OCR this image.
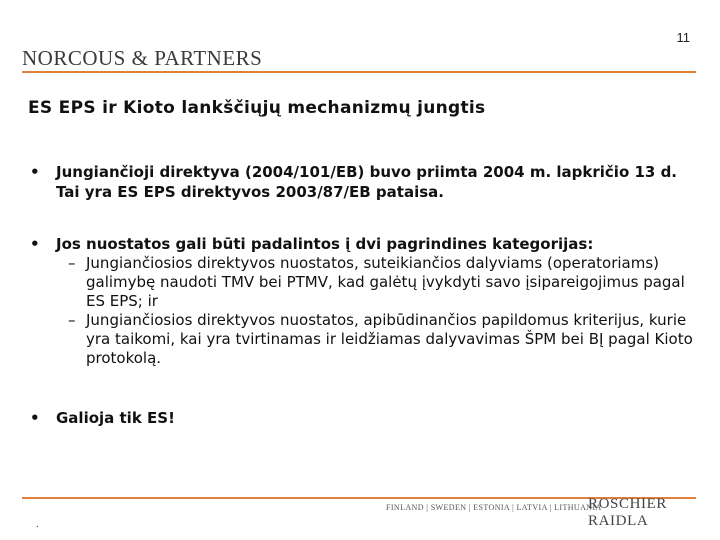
11
NORCOUS & PARTNERS
ES EPS ir Kioto lankščiųjų mechanizmų jungtis
• Jungiančioji direktyva (2004/101/EB) buvo priimta 2004 m. lapkričio 13 d. Tai yra ES EPS direktyvos 2003/87/EB pataisa.
• Jos nuostatos gali būti padalintos į dvi pagrindines kategorijas:
– Jungiančiosios direktyvos nuostatos, suteikiančios dalyviams (operatoriams) galimybę naudoti TMV bei PTMV, kad galėtų įvykdyti savo įsipareigojimus pagal ES EPS; ir
– Jungiančiosios direktyvos nuostatos, apibūdinančios papildomus kriterijus, kurie yra taikomi, kai yra tvirtinamas ir leidžiamas dalyvavimas ŠPM bei BĮ pagal Kioto protokolą.
• Galioja tik ES!
FINLAND | SWEDEN | ESTONIA | LATVIA | LITHUANIA
ROSCHIER RAIDLA
.
